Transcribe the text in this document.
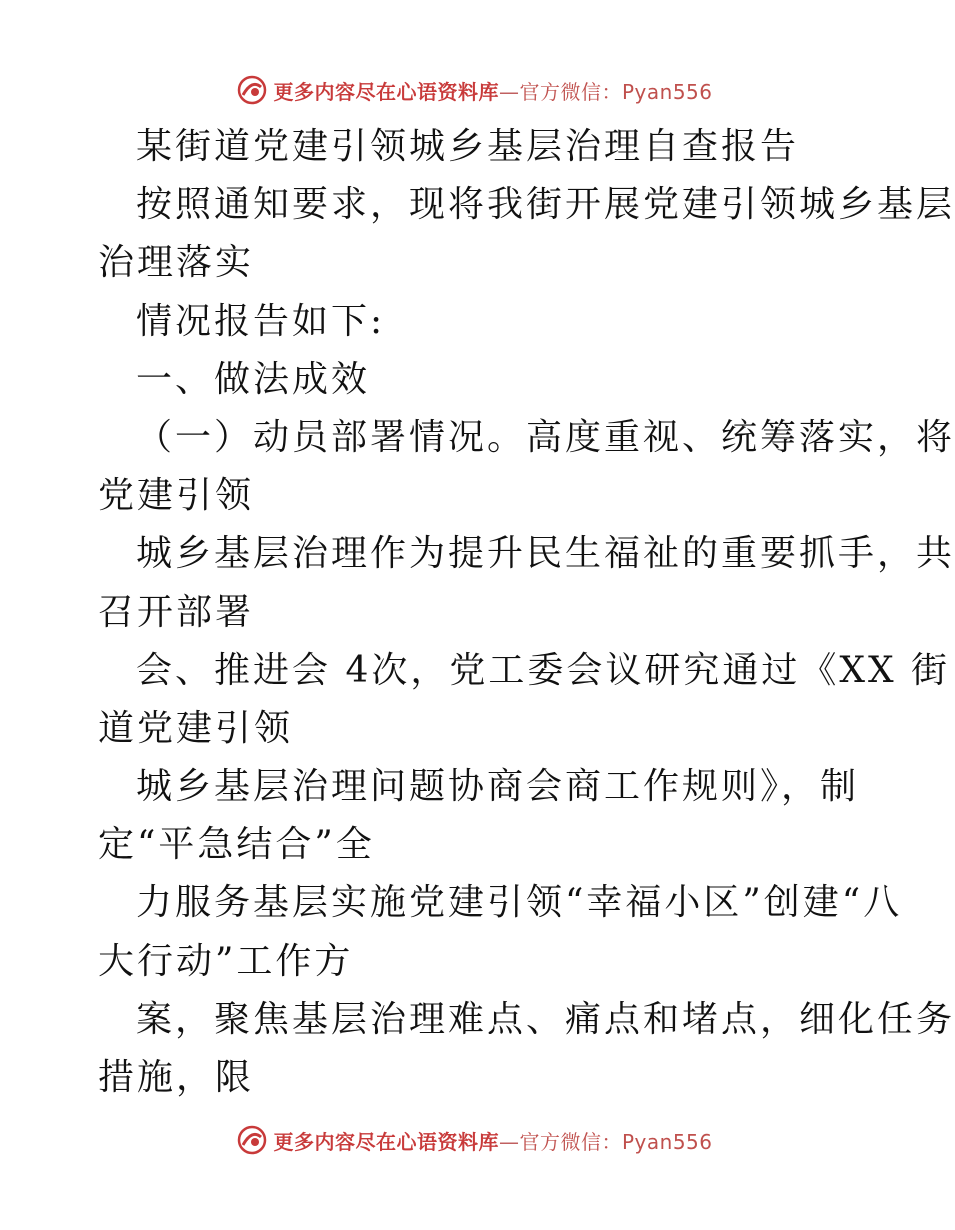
更多内容尽在心语资料库—官方微信：Pyan556
某街道党建引领城乡基层治理自查报告
按照通知要求，现将我街开展党建引领城乡基层
治理落实
情况报告如下:
一、做法成效
（一）动员部署情况。高度重视、统筹落实，将
党建引领
城乡基层治理作为提升民生福祉的重要抓手，共
召开部署
会、推进会 4次，党工委会议研究通过《XX 街
道党建引领
城乡基层治理问题协商会商工作规则》，制
定“平急结合”全
力服务基层实施党建引领“幸福小区”创建“八
大行动”工作方
案，聚焦基层治理难点、痛点和堵点，细化任务
措施，限
更多内容尽在心语资料库—官方微信：Pyan556
